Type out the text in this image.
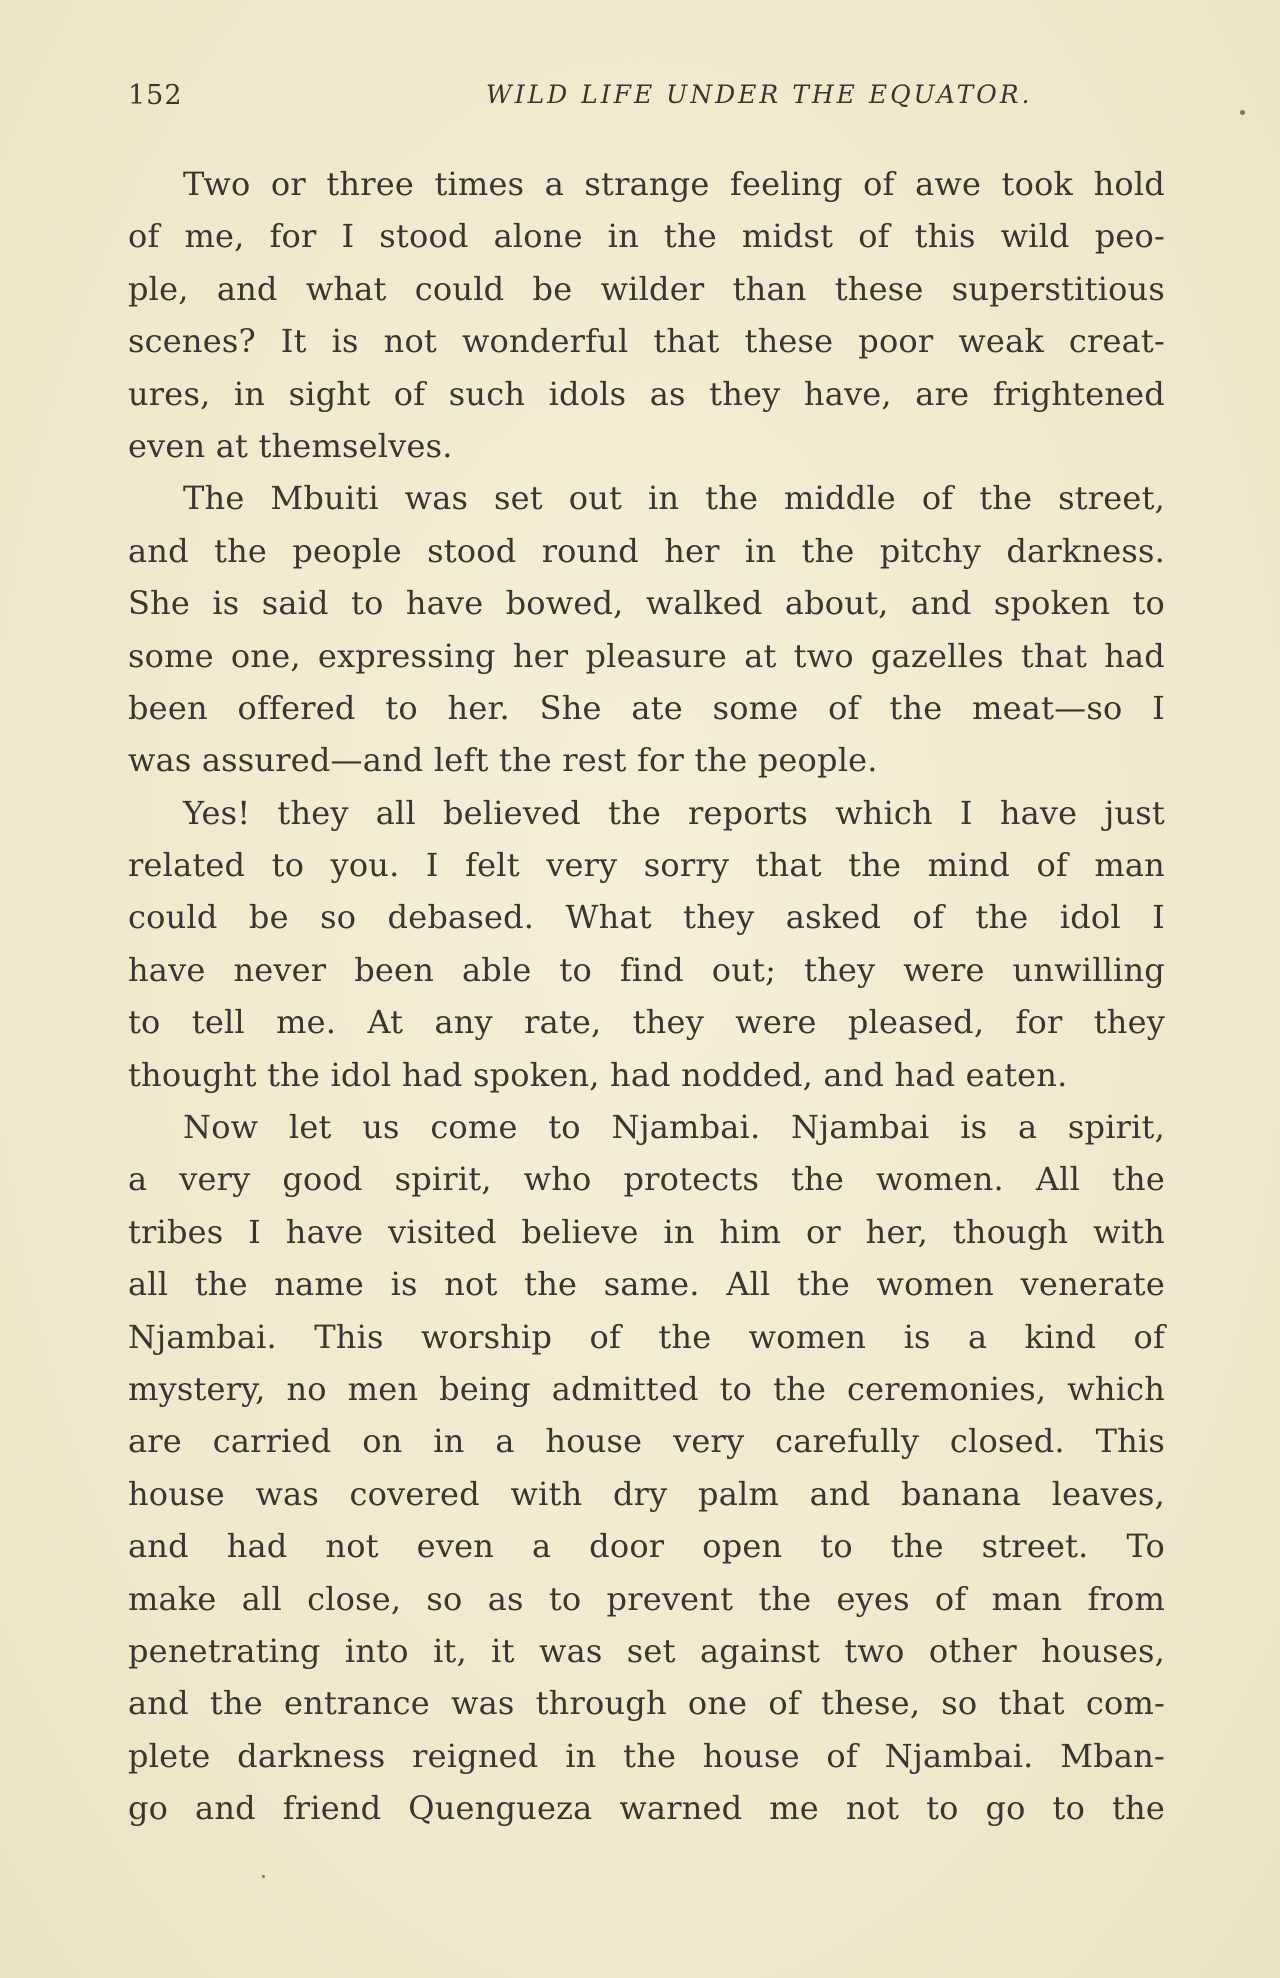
152	WILD LIFE UNDER THE EQUATOR.
Two or three times a strange feeling of awe took hold
of me, for I stood alone in the midst of this wild peo-
ple, and what could be wilder than these superstitious
scenes? It is not wonderful that these poor weak creat-
ures, in sight of such idols as they have, are frightened
even at themselves.
The Mbuiti was set out in the middle of the street,
and the people stood round her in the pitchy darkness.
She is said to have bowed, walked about, and spoken to
some one, expressing her pleasure at two gazelles that had
been offered to her. She ate some of the meat—so I
was assured—and left the rest for the people.
Yes! they all believed the reports which I have just
related to you. I felt very sorry that the mind of man
could be so debased. What they asked of the idol I
have never been able to find out; they were unwilling
to tell me. At any rate, they were pleased, for they
thought the idol had spoken, had nodded, and had eaten.
Now let us come to Njambai. Njambai is a spirit,
a very good spirit, who protects the women. All the
tribes I have visited believe in him or her, though with
all the name is not the same. All the women venerate
Njambai. This worship of the women is a kind of
mystery, no men being admitted to the ceremonies, which
are carried on in a house very carefully closed. This
house was covered with dry palm and banana leaves,
and had not even a door open to the street. To
make all close, so as to prevent the eyes of man from
penetrating into it, it was set against two other houses,
and the entrance was through one of these, so that com-
plete darkness reigned in the house of Njambai. Mban-
go and friend Quengueza warned me not to go to the
